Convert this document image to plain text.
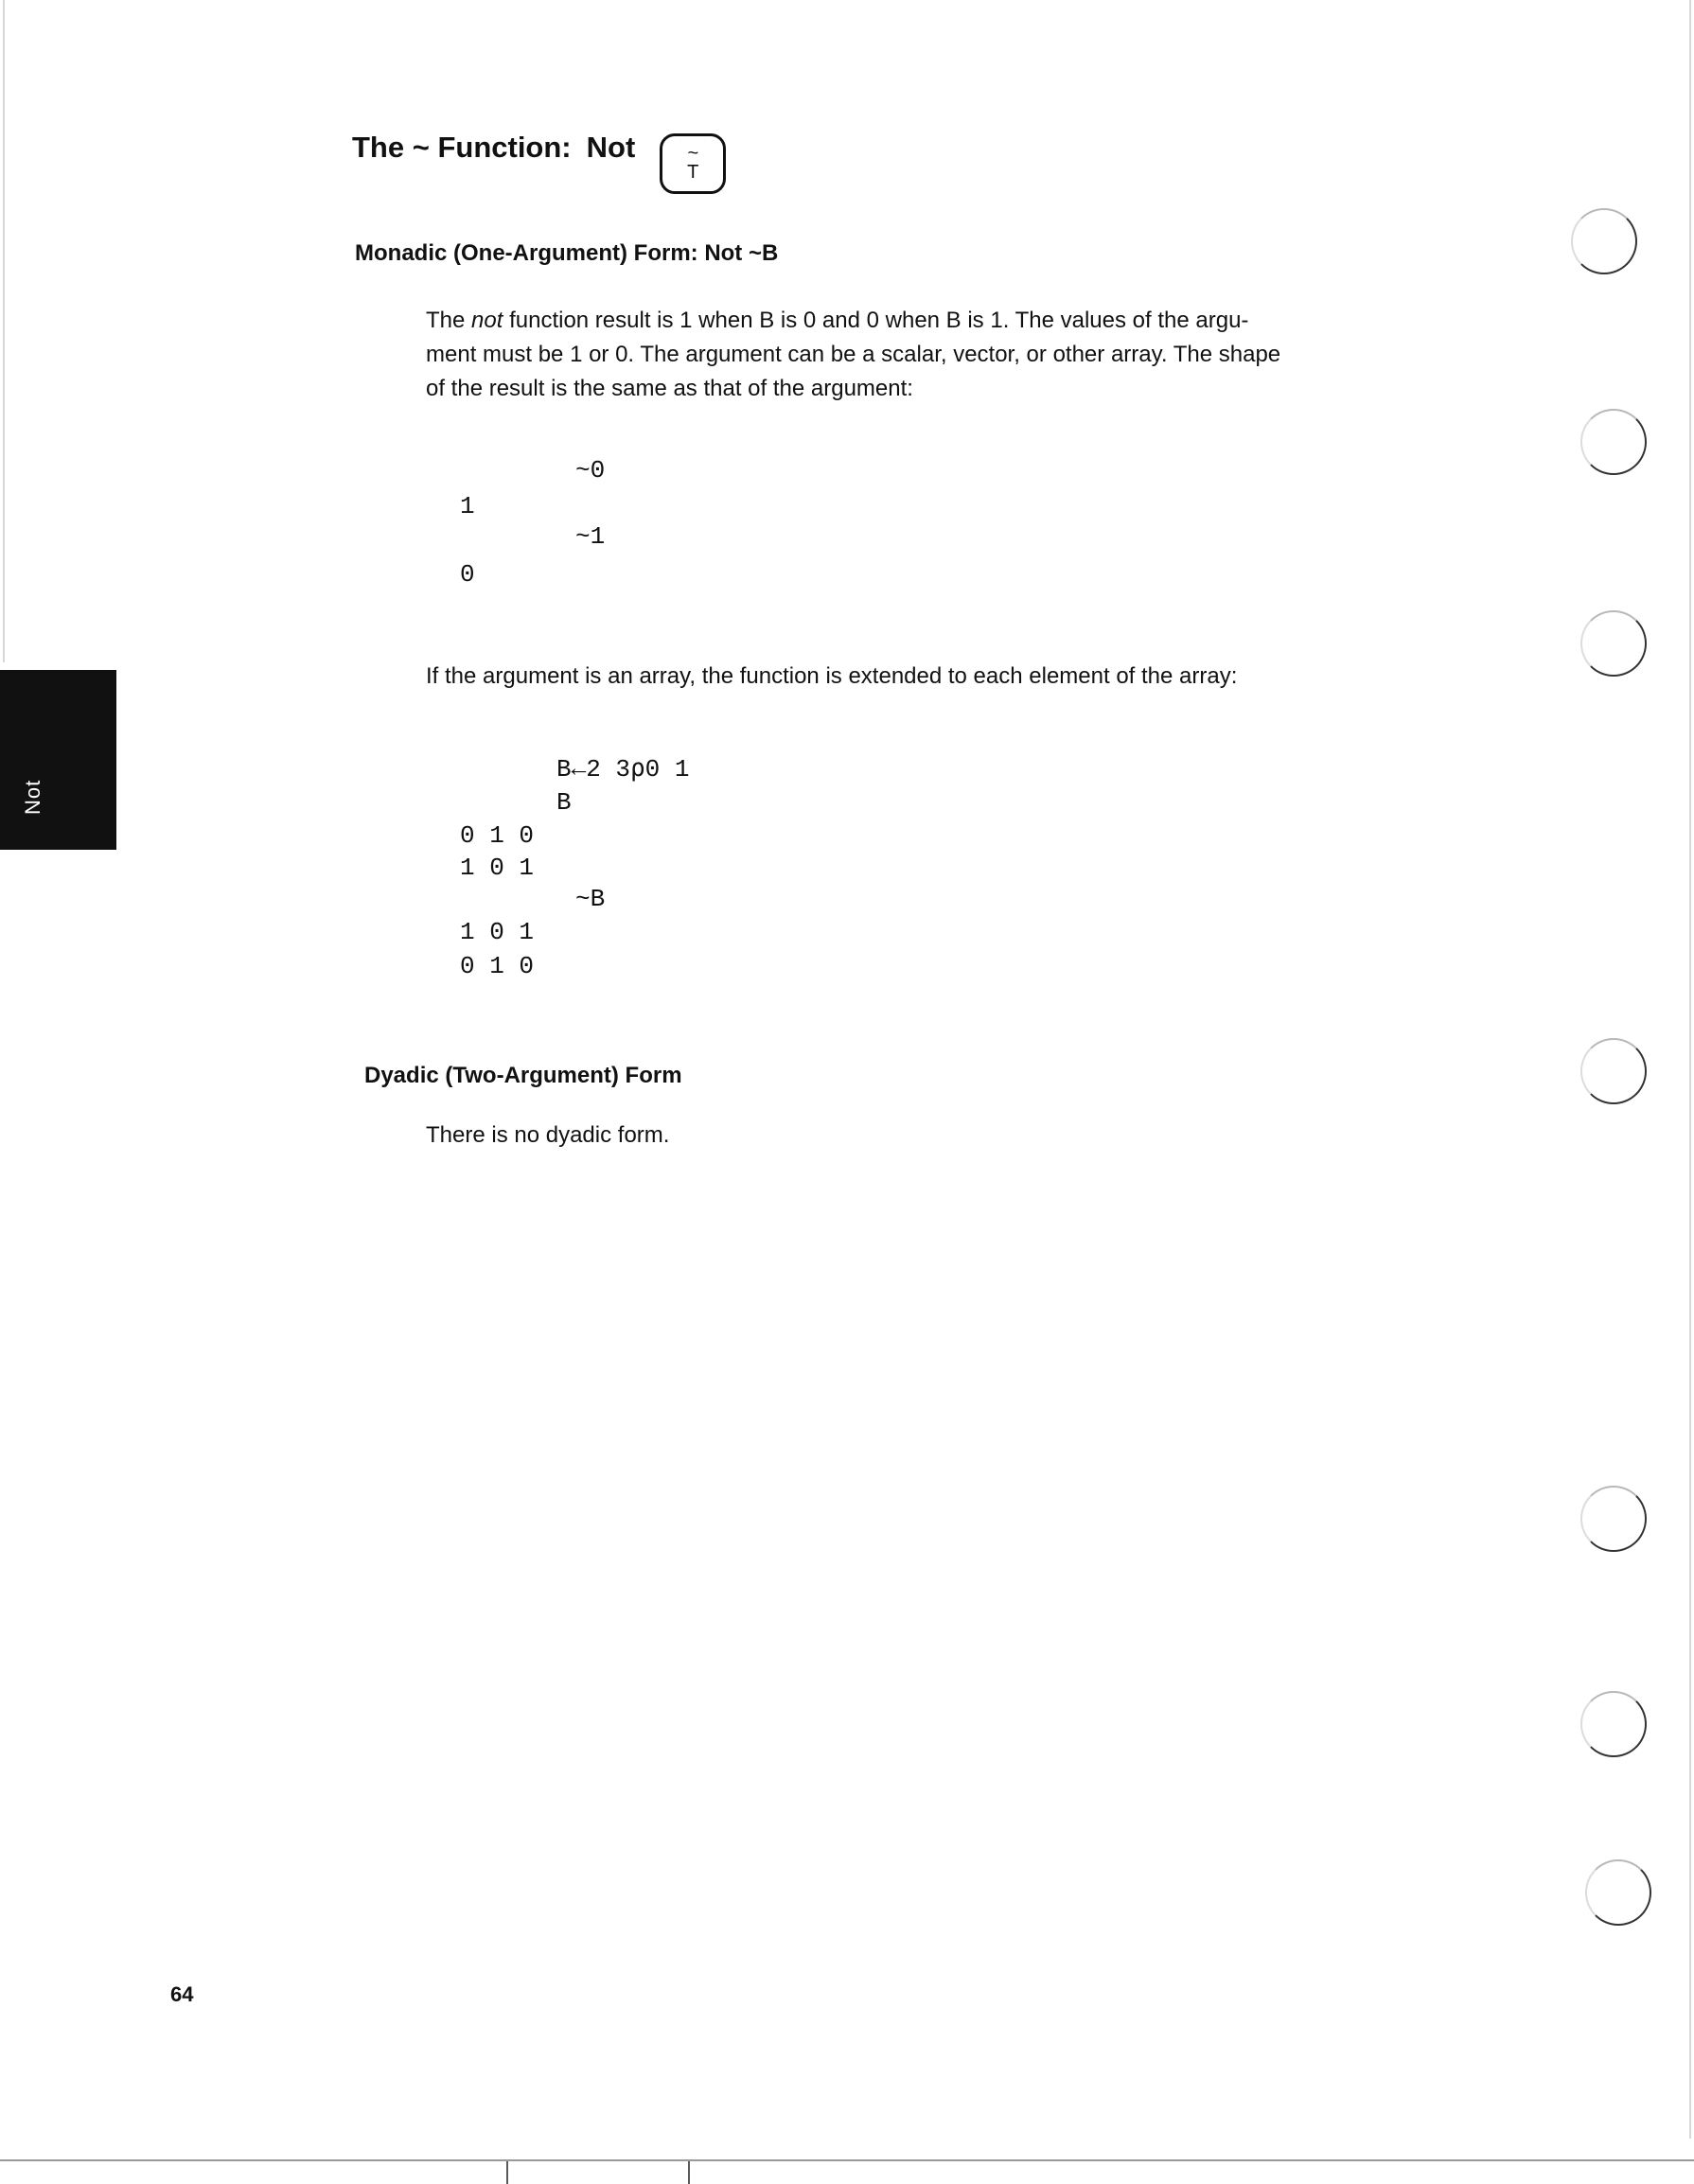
Not
The ~ Function: Not	~
T
Monadic (One-Argument) Form: Not ~B
The not function result is 1 when B is 0 and 0 when B is 1. The values of the argu-
ment must be 1 or 0. The argument can be a scalar, vector, or other array. The shape
of the result is the same as that of the argument:
~0
1
~1
0
If the argument is an array, the function is extended to each element of the array:
B←2 3⍴0 1
B
0 1 0
1 0 1
~B
1 0 1
0 1 0
Dyadic (Two-Argument) Form
There is no dyadic form.
64
